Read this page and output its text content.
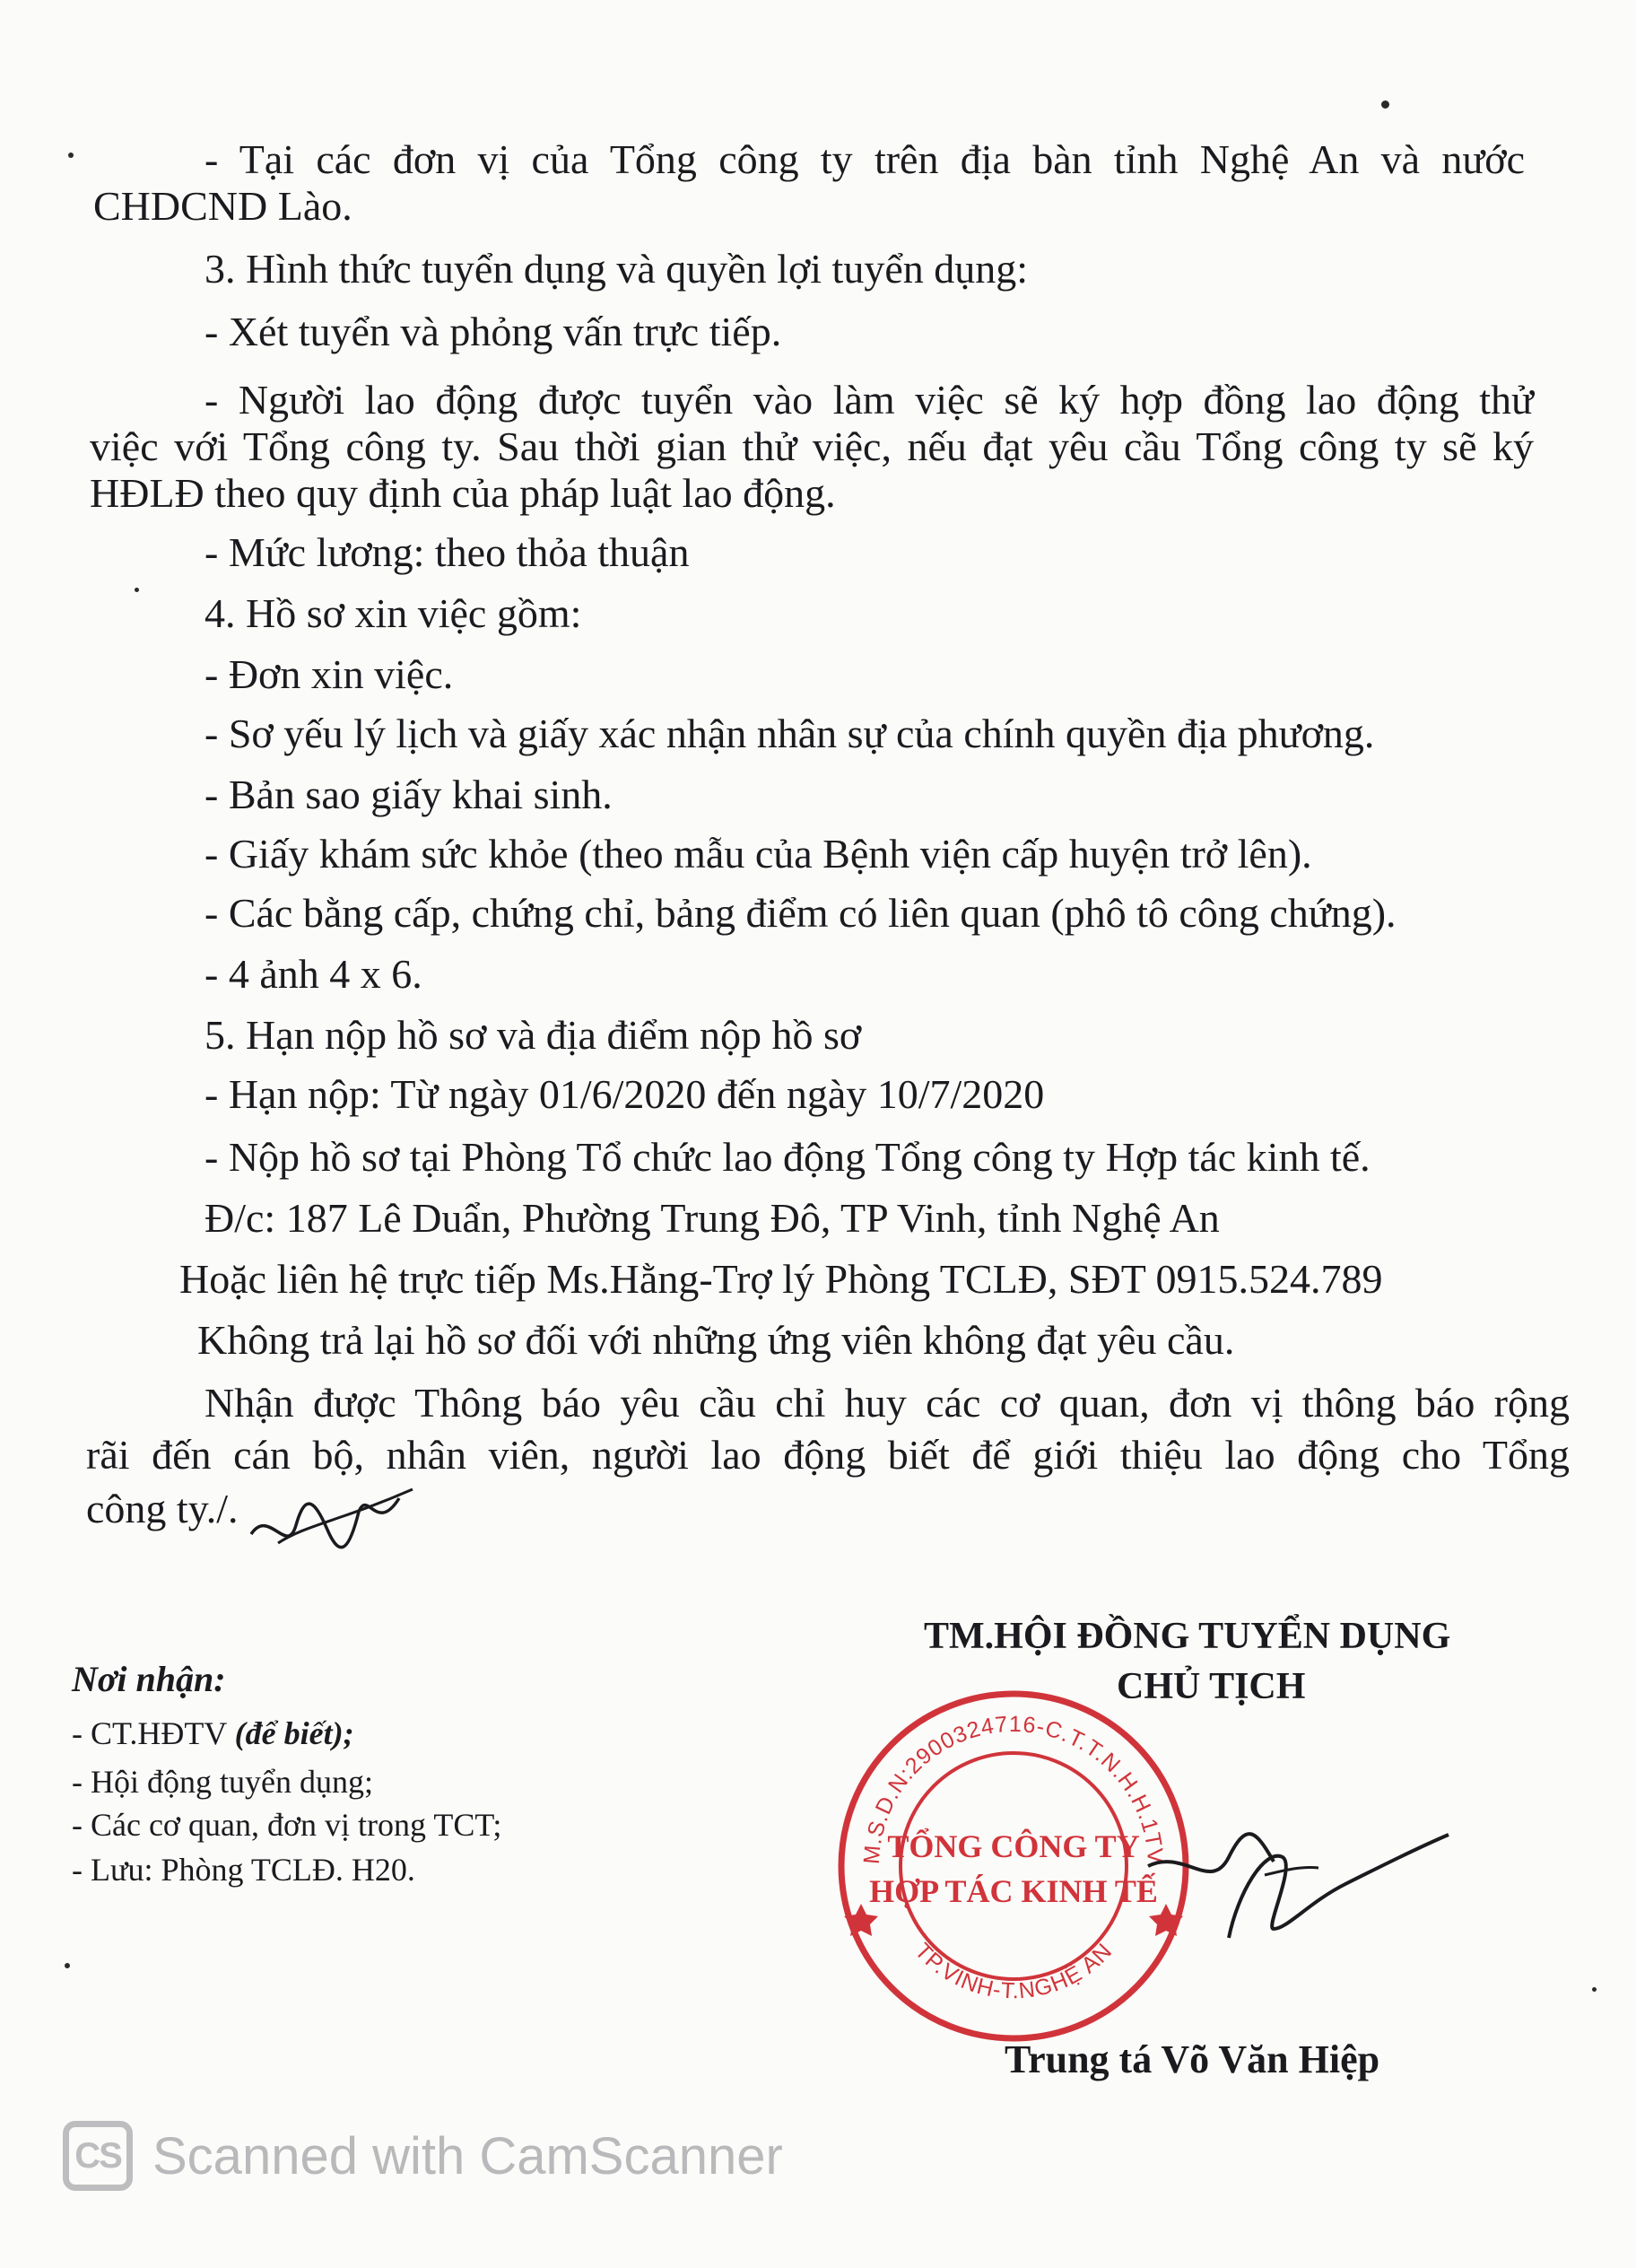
- Tại các đơn vị của Tổng công ty trên địa bàn tỉnh Nghệ An và nước
CHDCND Lào.
3. Hình thức tuyển dụng và quyền lợi tuyển dụng:
- Xét tuyển và phỏng vấn trực tiếp.
- Người lao động được tuyển vào làm việc sẽ ký hợp đồng lao động thử
việc với Tổng công ty. Sau thời gian thử việc, nếu đạt yêu cầu Tổng công ty sẽ ký
HĐLĐ theo quy định của pháp luật lao động.
- Mức lương: theo thỏa thuận
4. Hồ sơ xin việc gồm:
- Đơn xin việc.
- Sơ yếu lý lịch và giấy xác nhận nhân sự của chính quyền địa phương.
- Bản sao giấy khai sinh.
- Giấy khám sức khỏe (theo mẫu của Bệnh viện cấp huyện trở lên).
- Các bằng cấp, chứng chỉ, bảng điểm có liên quan (phô tô công chứng).
- 4 ảnh 4 x 6.
5. Hạn nộp hồ sơ và địa điểm nộp hồ sơ
- Hạn nộp: Từ ngày 01/6/2020 đến ngày 10/7/2020
- Nộp hồ sơ tại Phòng Tổ chức lao động Tổng công ty Hợp tác kinh tế.
Đ/c: 187 Lê Duẩn, Phường Trung Đô, TP Vinh, tỉnh Nghệ An
Hoặc liên hệ trực tiếp Ms.Hằng-Trợ lý Phòng TCLĐ, SĐT 0915.524.789
Không trả lại hồ sơ đối với những ứng viên không đạt yêu cầu.
Nhận được Thông báo yêu cầu chỉ huy các cơ quan, đơn vị thông báo rộng
rãi đến cán bộ, nhân viên, người lao động biết để giới thiệu lao động cho Tổng
công ty./.
Nơi nhận:
- CT.HĐTV (để biết);
- Hội động tuyển dụng;
- Các cơ quan, đơn vị trong TCT;
- Lưu: Phòng TCLĐ. H20.
TM.HỘI ĐỒNG TUYỂN DỤNG
CHỦ TỊCH
M.S.D.N:2900324716-C.T.T.N.H.H.1TV
TP.VINH-T.NGHỆ AN
TỔNG CÔNG TY
HỢP TÁC KINH TẾ
Trung tá Võ Văn Hiệp
CS Scanned with CamScanner
